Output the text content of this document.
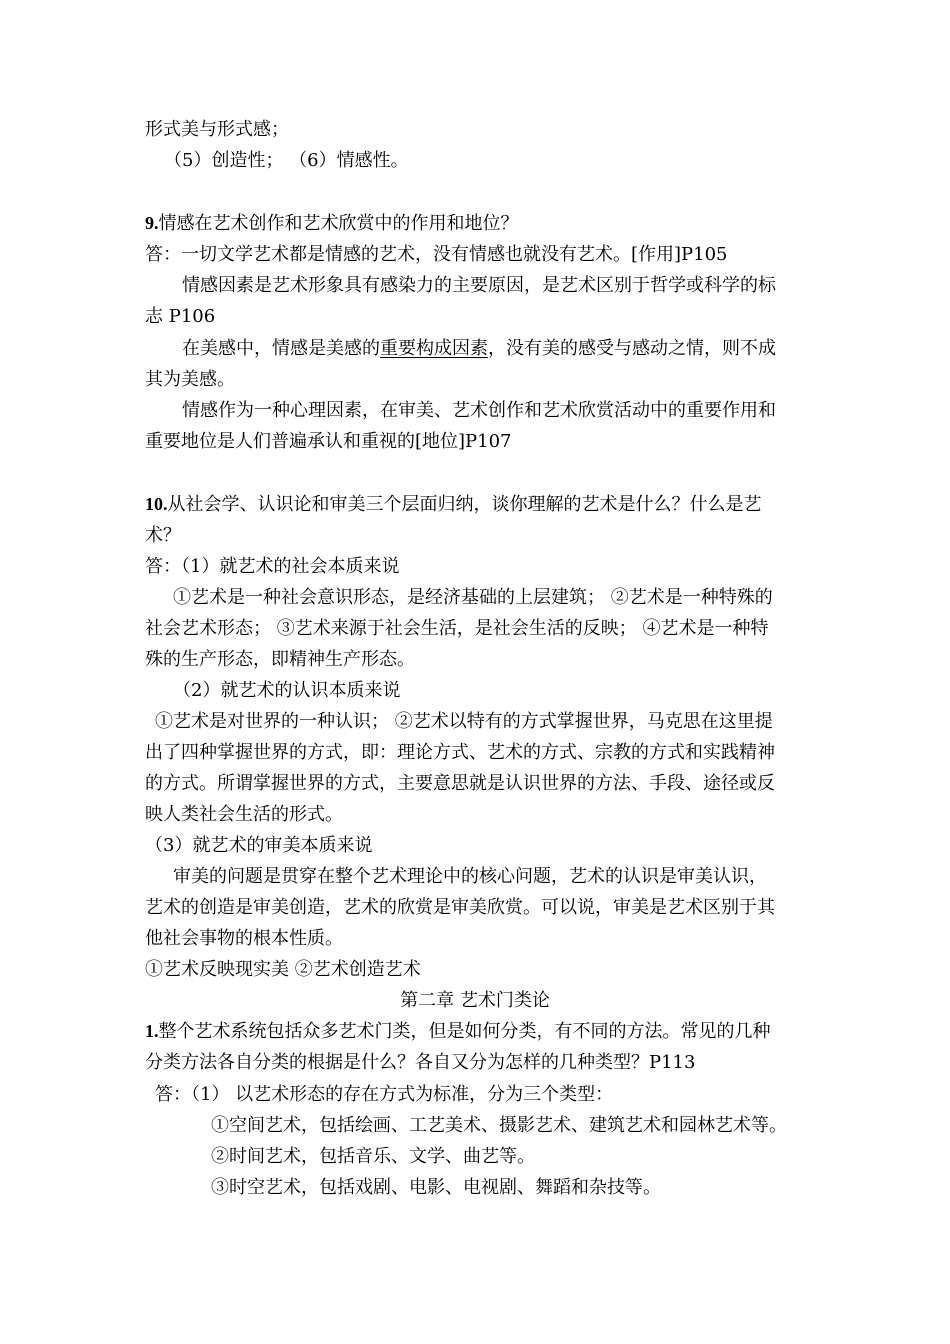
形式美与形式感；
（5）创造性； （6）情感性。
9.情感在艺术创作和艺术欣赏中的作用和地位？
答：一切文学艺术都是情感的艺术，没有情感也就没有艺术。[作用]P105
情感因素是艺术形象具有感染力的主要原因，是艺术区别于哲学或科学的标
志 P106
在美感中，情感是美感的重要构成因素，没有美的感受与感动之情，则不成
其为美感。
情感作为一种心理因素，在审美、艺术创作和艺术欣赏活动中的重要作用和
重要地位是人们普遍承认和重视的[地位]P107
10.从社会学、认识论和审美三个层面归纳，谈你理解的艺术是什么？什么是艺
术？
答：（1）就艺术的社会本质来说
①艺术是一种社会意识形态，是经济基础的上层建筑； ②艺术是一种特殊的
社会艺术形态； ③艺术来源于社会生活，是社会生活的反映； ④艺术是一种特
殊的生产形态，即精神生产形态。
（2）就艺术的认识本质来说
①艺术是对世界的一种认识； ②艺术以特有的方式掌握世界，马克思在这里提
出了四种掌握世界的方式，即：理论方式、艺术的方式、宗教的方式和实践精神
的方式。所谓掌握世界的方式，主要意思就是认识世界的方法、手段、途径或反
映人类社会生活的形式。
（3）就艺术的审美本质来说
审美的问题是贯穿在整个艺术理论中的核心问题，艺术的认识是审美认识，
艺术的创造是审美创造，艺术的欣赏是审美欣赏。可以说，审美是艺术区别于其
他社会事物的根本性质。
①艺术反映现实美 ②艺术创造艺术
第二章 艺术门类论
1.整个艺术系统包括众多艺术门类，但是如何分类，有不同的方法。常见的几种
分类方法各自分类的根据是什么？各自又分为怎样的几种类型？P113
答：（1） 以艺术形态的存在方式为标准，分为三个类型：
①空间艺术，包括绘画、工艺美术、摄影艺术、建筑艺术和园林艺术等。
②时间艺术，包括音乐、文学、曲艺等。
③时空艺术，包括戏剧、电影、电视剧、舞蹈和杂技等。
